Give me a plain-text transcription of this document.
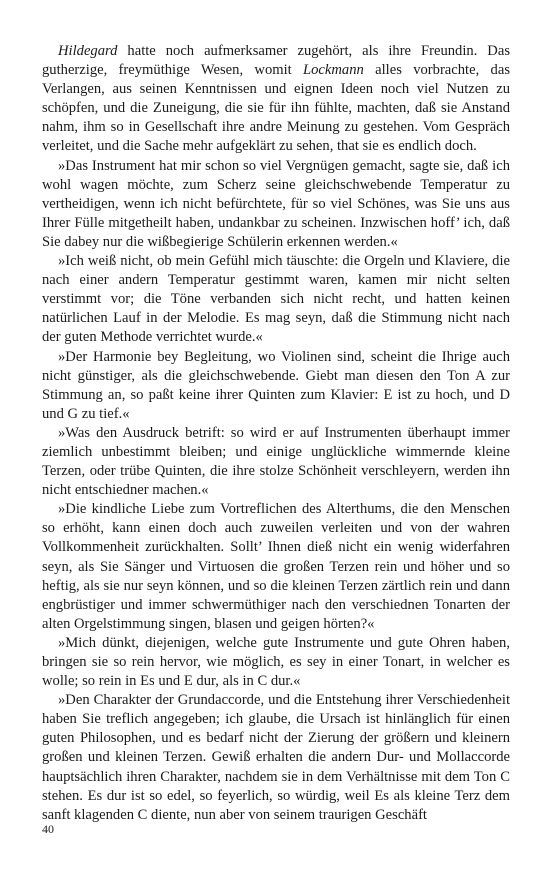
Hildegard hatte noch aufmerksamer zugehört, als ihre Freundin. Das gutherzige, freymüthige Wesen, womit Lockmann alles vorbrachte, das Verlangen, aus seinen Kenntnissen und eignen Ideen noch viel Nutzen zu schöpfen, und die Zuneigung, die sie für ihn fühlte, machten, daß sie Anstand nahm, ihm so in Gesellschaft ihre andre Meinung zu gestehen. Vom Gespräch verleitet, und die Sache mehr aufgeklärt zu sehen, that sie es endlich doch.

»Das Instrument hat mir schon so viel Vergnügen gemacht, sagte sie, daß ich wohl wagen möchte, zum Scherz seine gleichschwebende Temperatur zu vertheidigen, wenn ich nicht befürchtete, für so viel Schönes, was Sie uns aus Ihrer Fülle mitgetheilt haben, undankbar zu scheinen. Inzwischen hoff’ ich, daß Sie dabey nur die wißbegierige Schülerin erkennen werden.«

»Ich weiß nicht, ob mein Gefühl mich täuschte: die Orgeln und Klaviere, die nach einer andern Temperatur gestimmt waren, kamen mir nicht selten verstimmt vor; die Töne verbanden sich nicht recht, und hatten keinen natürlichen Lauf in der Melodie. Es mag seyn, daß die Stimmung nicht nach der guten Methode verrichtet wurde.«

»Der Harmonie bey Begleitung, wo Violinen sind, scheint die Ihrige auch nicht günstiger, als die gleichschwebende. Giebt man diesen den Ton A zur Stimmung an, so paßt keine ihrer Quinten zum Klavier: E ist zu hoch, und D und G zu tief.«

»Was den Ausdruck betrift: so wird er auf Instrumenten überhaupt immer ziemlich unbestimmt bleiben; und einige unglückliche wimmernde kleine Terzen, oder trübe Quinten, die ihre stolze Schönheit verschleyern, werden ihn nicht entschiedner machen.«

»Die kindliche Liebe zum Vortreflichen des Alterthums, die den Menschen so erhöht, kann einen doch auch zuweilen verleiten und von der wahren Vollkommenheit zurückhalten. Sollt’ Ihnen dieß nicht ein wenig widerfahren seyn, als Sie Sänger und Virtuosen die großen Terzen rein und höher und so heftig, als sie nur seyn können, und so die kleinen Terzen zärtlich rein und dann engbrüstiger und immer schwermüthiger nach den verschiednen Tonarten der alten Orgelstimmung singen, blasen und geigen hörten?«

»Mich dünkt, diejenigen, welche gute Instrumente und gute Ohren haben, bringen sie so rein hervor, wie möglich, es sey in einer Tonart, in welcher es wolle; so rein in Es und E dur, als in C dur.«

»Den Charakter der Grundaccorde, und die Entstehung ihrer Verschiedenheit haben Sie treflich angegeben; ich glaube, die Ursach ist hinlänglich für einen guten Philosophen, und es bedarf nicht der Zierung der größern und kleinern großen und kleinen Terzen. Gewiß erhalten die andern Dur- und Mollaccorde hauptsächlich ihren Charakter, nachdem sie in dem Verhältnisse mit dem Ton C stehen. Es dur ist so edel, so feyerlich, so würdig, weil Es als kleine Terz dem sanft klagenden C diente, nun aber von seinem traurigen Geschäft

40
